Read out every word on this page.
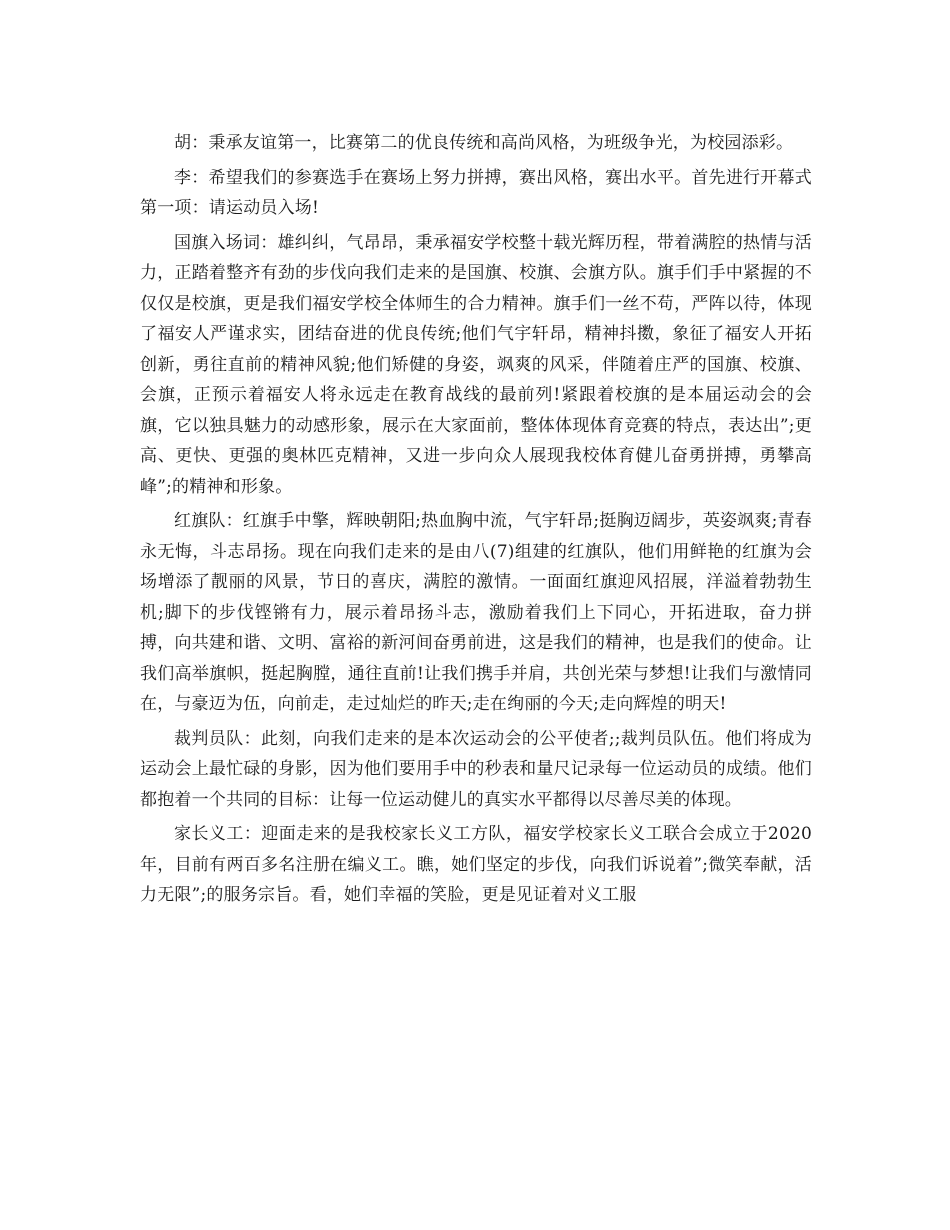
胡：秉承友谊第一，比赛第二的优良传统和高尚风格，为班级争光，为校园添彩。

李：希望我们的参赛选手在赛场上努力拼搏，赛出风格，赛出水平。首先进行开幕式第一项：请运动员入场!

国旗入场词：雄纠纠，气昂昂，秉承福安学校整十载光辉历程，带着满腔的热情与活力，正踏着整齐有劲的步伐向我们走来的是国旗、校旗、会旗方队。旗手们手中紧握的不仅仅是校旗，更是我们福安学校全体师生的合力精神。旗手们一丝不苟，严阵以待，体现了福安人严谨求实，团结奋进的优良传统;他们气宇轩昂，精神抖擞，象征了福安人开拓创新，勇往直前的精神风貌;他们矫健的身姿，飒爽的风采，伴随着庄严的国旗、校旗、会旗，正预示着福安人将永远走在教育战线的最前列!紧跟着校旗的是本届运动会的会旗，它以独具魅力的动感形象，展示在大家面前，整体体现体育竞赛的特点，表达出”;更高、更快、更强的奥林匹克精神，又进一步向众人展现我校体育健儿奋勇拼搏，勇攀高峰”;的精神和形象。

红旗队：红旗手中擎，辉映朝阳;热血胸中流，气宇轩昂;挺胸迈阔步，英姿飒爽;青春永无悔，斗志昂扬。现在向我们走来的是由八(7)组建的红旗队，他们用鲜艳的红旗为会场增添了靓丽的风景，节日的喜庆，满腔的激情。一面面红旗迎风招展，洋溢着勃勃生机;脚下的步伐铿锵有力，展示着昂扬斗志，激励着我们上下同心，开拓进取，奋力拼搏，向共建和谐、文明、富裕的新河间奋勇前进，这是我们的精神，也是我们的使命。让我们高举旗帜，挺起胸膛，通往直前!让我们携手并肩，共创光荣与梦想!让我们与激情同在，与豪迈为伍，向前走，走过灿烂的昨天;走在绚丽的今天;走向辉煌的明天!

裁判员队：此刻，向我们走来的是本次运动会的公平使者;;裁判员队伍。他们将成为运动会上最忙碌的身影，因为他们要用手中的秒表和量尺记录每一位运动员的成绩。他们都抱着一个共同的目标：让每一位运动健儿的真实水平都得以尽善尽美的体现。

家长义工：迎面走来的是我校家长义工方队，福安学校家长义工联合会成立于2020年，目前有两百多名注册在编义工。瞧，她们坚定的步伐，向我们诉说着”;微笑奉献，活力无限”;的服务宗旨。看，她们幸福的笑脸，更是见证着对义工服
